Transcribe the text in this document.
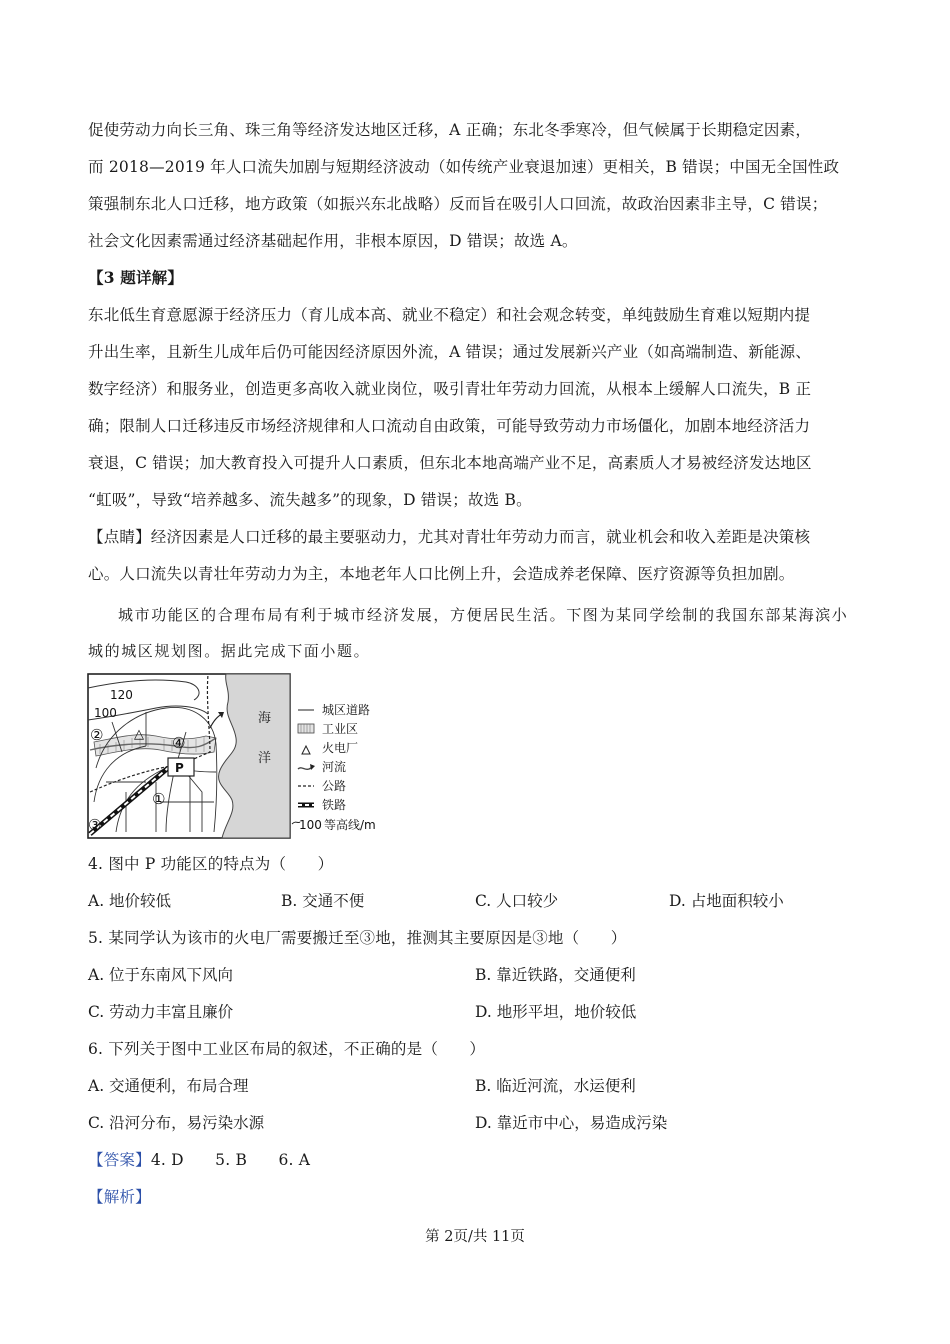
促使劳动力向长三角、珠三角等经济发达地区迁移，A 正确；东北冬季寒冷，但气候属于长期稳定因素，
而 2018—2019 年人口流失加剧与短期经济波动（如传统产业衰退加速）更相关，B 错误；中国无全国性政
策强制东北人口迁移，地方政策（如振兴东北战略）反而旨在吸引人口回流，故政治因素非主导，C 错误；
社会文化因素需通过经济基础起作用，非根本原因，D 错误；故选 A。
【3 题详解】
东北低生育意愿源于经济压力（育儿成本高、就业不稳定）和社会观念转变，单纯鼓励生育难以短期内提
升出生率，且新生儿成年后仍可能因经济原因外流，A 错误；通过发展新兴产业（如高端制造、新能源、
数字经济）和服务业，创造更多高收入就业岗位，吸引青壮年劳动力回流，从根本上缓解人口流失，B 正
确；限制人口迁移违反市场经济规律和人口流动自由政策，可能导致劳动力市场僵化，加剧本地经济活力
衰退，C 错误；加大教育投入可提升人口素质，但东北本地高端产业不足，高素质人才易被经济发达地区
“虹吸”，导致“培养越多、流失越多”的现象，D 错误；故选 B。
【点睛】经济因素是人口迁移的最主要驱动力，尤其对青壮年劳动力而言，就业机会和收入差距是决策核
心。人口流失以青壮年劳动力为主，本地老年人口比例上升，会造成养老保障、医疗资源等负担加剧。
城市功能区的合理布局有利于城市经济发展，方便居民生活。下图为某同学绘制的我国东部某海滨小
城的城区规划图。据此完成下面小题。
海
洋
120
100
P
△
②	④
①
③
城区道路
工业区
火电厂
河流
公路
铁路
100 等高线/m
4. 图中 P 功能区的特点为（　　）
A. 地价较低	B. 交通不便	C. 人口较少	D. 占地面积较小
5. 某同学认为该市的火电厂需要搬迁至③地，推测其主要原因是③地（　　）
A. 位于东南风下风向	B. 靠近铁路，交通便利
C. 劳动力丰富且廉价	D. 地形平坦，地价较低
6. 下列关于图中工业区布局的叙述，不正确的是（　　）
A. 交通便利，布局合理	B. 临近河流，水运便利
C. 沿河分布，易污染水源	D. 靠近市中心，易造成污染
【答案】4. D　　5. B　　6. A
【解析】
第 2页/共 11页
